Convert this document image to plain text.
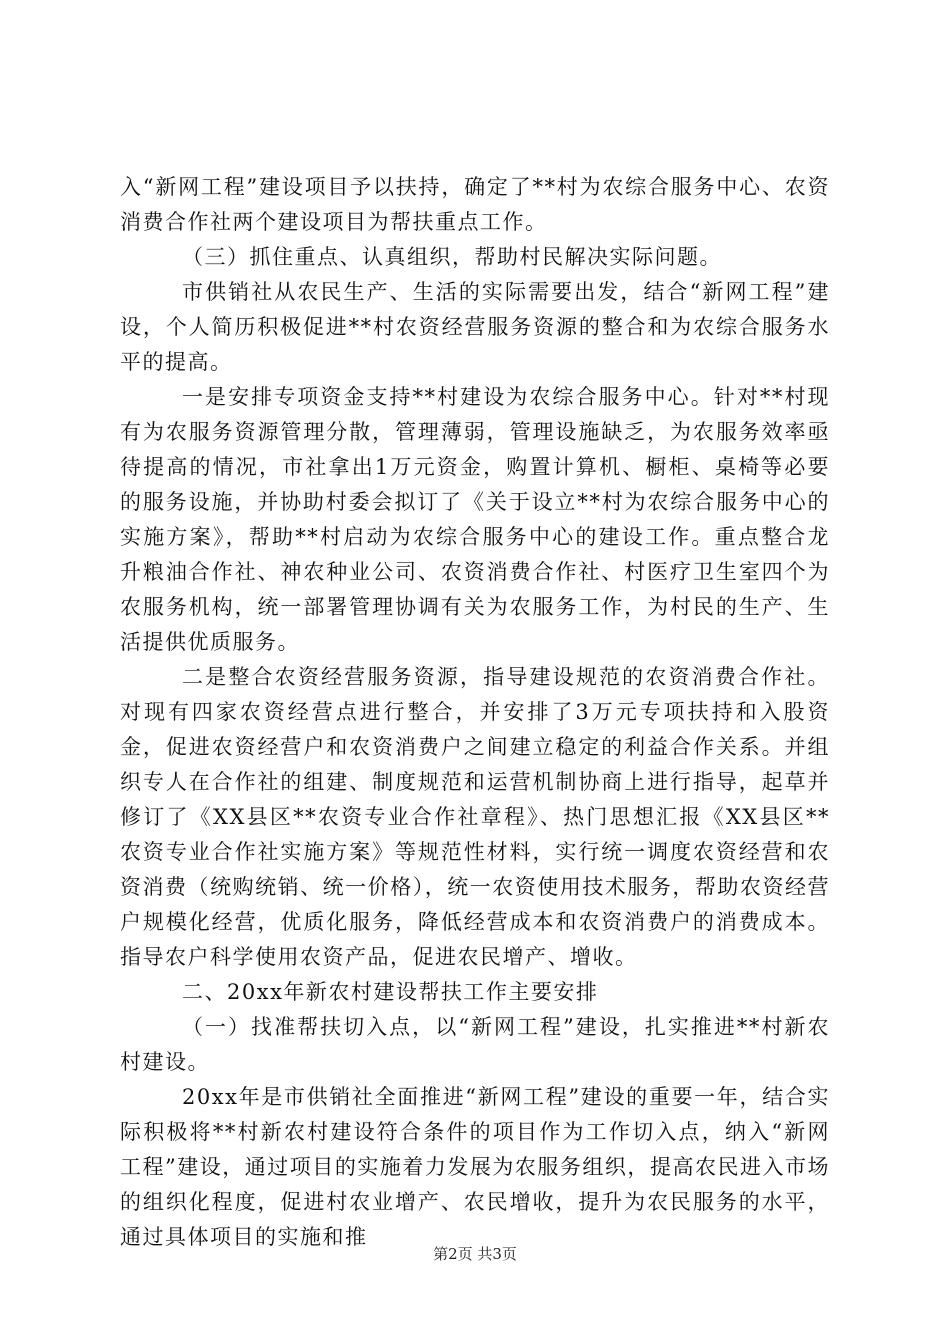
入“新网工程”建设项目予以扶持，确定了**村为农综合服务中心、农资消费合作社两个建设项目为帮扶重点工作。

（三）抓住重点、认真组织，帮助村民解决实际问题。

市供销社从农民生产、生活的实际需要出发，结合“新网工程”建设，个人简历积极促进**村农资经营服务资源的整合和为农综合服务水平的提高。

一是安排专项资金支持**村建设为农综合服务中心。针对**村现有为农服务资源管理分散，管理薄弱，管理设施缺乏，为农服务效率亟待提高的情况，市社拿出1万元资金，购置计算机、橱柜、桌椅等必要的服务设施，并协助村委会拟订了《关于设立**村为农综合服务中心的实施方案》，帮助**村启动为农综合服务中心的建设工作。重点整合龙升粮油合作社、神农种业公司、农资消费合作社、村医疗卫生室四个为农服务机构，统一部署管理协调有关为农服务工作，为村民的生产、生活提供优质服务。

二是整合农资经营服务资源，指导建设规范的农资消费合作社。对现有四家农资经营点进行整合，并安排了3万元专项扶持和入股资金，促进农资经营户和农资消费户之间建立稳定的利益合作关系。并组织专人在合作社的组建、制度规范和运营机制协商上进行指导，起草并修订了《XX县区**农资专业合作社章程》、热门思想汇报《XX县区**农资专业合作社实施方案》等规范性材料，实行统一调度农资经营和农资消费（统购统销、统一价格），统一农资使用技术服务，帮助农资经营户规模化经营，优质化服务，降低经营成本和农资消费户的消费成本。指导农户科学使用农资产品，促进农民增产、增收。

二、20xx年新农村建设帮扶工作主要安排

（一）找准帮扶切入点，以“新网工程”建设，扎实推进**村新农村建设。

20xx年是市供销社全面推进“新网工程”建设的重要一年，结合实际积极将**村新农村建设符合条件的项目作为工作切入点，纳入“新网工程”建设，通过项目的实施着力发展为农服务组织，提高农民进入市场的组织化程度，促进村农业增产、农民增收，提升为农民服务的水平，通过具体项目的实施和推

第2页 共3页
